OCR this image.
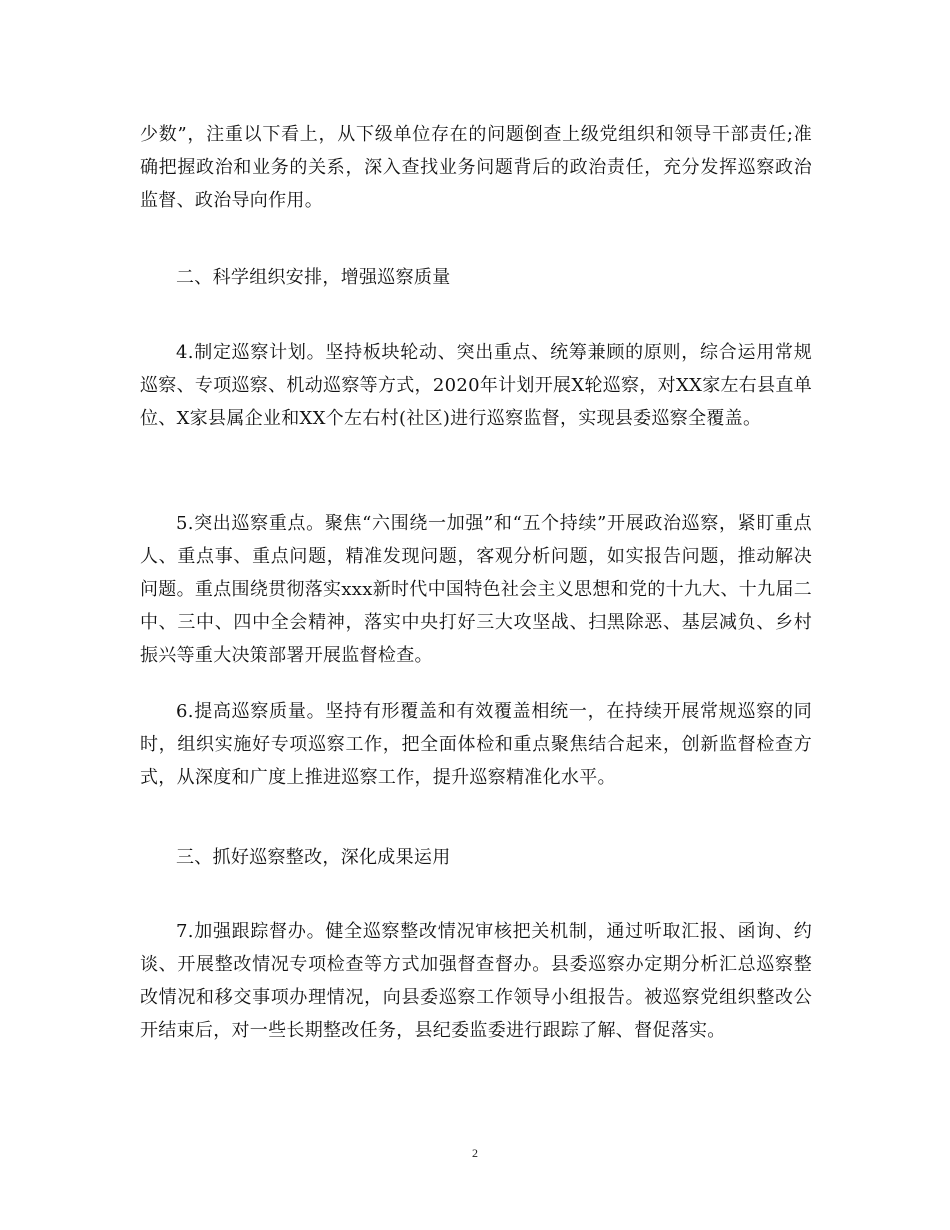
少数”，注重以下看上，从下级单位存在的问题倒查上级党组织和领导干部责任;准确把握政治和业务的关系，深入查找业务问题背后的政治责任，充分发挥巡察政治监督、政治导向作用。
二、科学组织安排，增强巡察质量
4.制定巡察计划。坚持板块轮动、突出重点、统筹兼顾的原则，综合运用常规巡察、专项巡察、机动巡察等方式，2020年计划开展X轮巡察，对XX家左右县直单位、X家县属企业和XX个左右村(社区)进行巡察监督，实现县委巡察全覆盖。
5.突出巡察重点。聚焦“六围绕一加强”和“五个持续”开展政治巡察，紧盯重点人、重点事、重点问题，精准发现问题，客观分析问题，如实报告问题，推动解决问题。重点围绕贯彻落实xxx新时代中国特色社会主义思想和党的十九大、十九届二中、三中、四中全会精神，落实中央打好三大攻坚战、扫黑除恶、基层减负、乡村振兴等重大决策部署开展监督检查。
6.提高巡察质量。坚持有形覆盖和有效覆盖相统一，在持续开展常规巡察的同时，组织实施好专项巡察工作，把全面体检和重点聚焦结合起来，创新监督检查方式，从深度和广度上推进巡察工作，提升巡察精准化水平。
三、抓好巡察整改，深化成果运用
7.加强跟踪督办。健全巡察整改情况审核把关机制，通过听取汇报、函询、约谈、开展整改情况专项检查等方式加强督查督办。县委巡察办定期分析汇总巡察整改情况和移交事项办理情况，向县委巡察工作领导小组报告。被巡察党组织整改公开结束后，对一些长期整改任务，县纪委监委进行跟踪了解、督促落实。
2
